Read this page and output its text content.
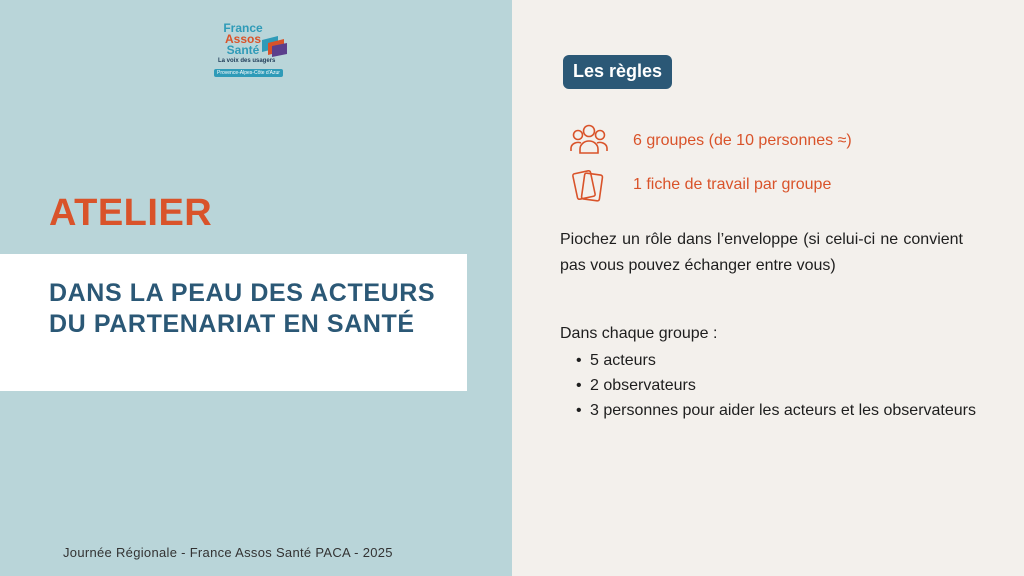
France
Assos
Santé
La voix des usagers
Provence-Alpes-Côte d'Azur
ATELIER

DANS LA PEAU DES ACTEURS DU PARTENARIAT EN SANTÉ

Journée Régionale - France Assos Santé PACA - 2025
Les règles
6 groupes (de 10 personnes ≈)
1 fiche de travail par groupe

Piochez un rôle dans l’enveloppe (si celui-ci ne convient pas vous pouvez échanger entre vous)

Dans chaque groupe :
• 5 acteurs
• 2 observateurs
• 3 personnes pour aider les acteurs et les observateurs
